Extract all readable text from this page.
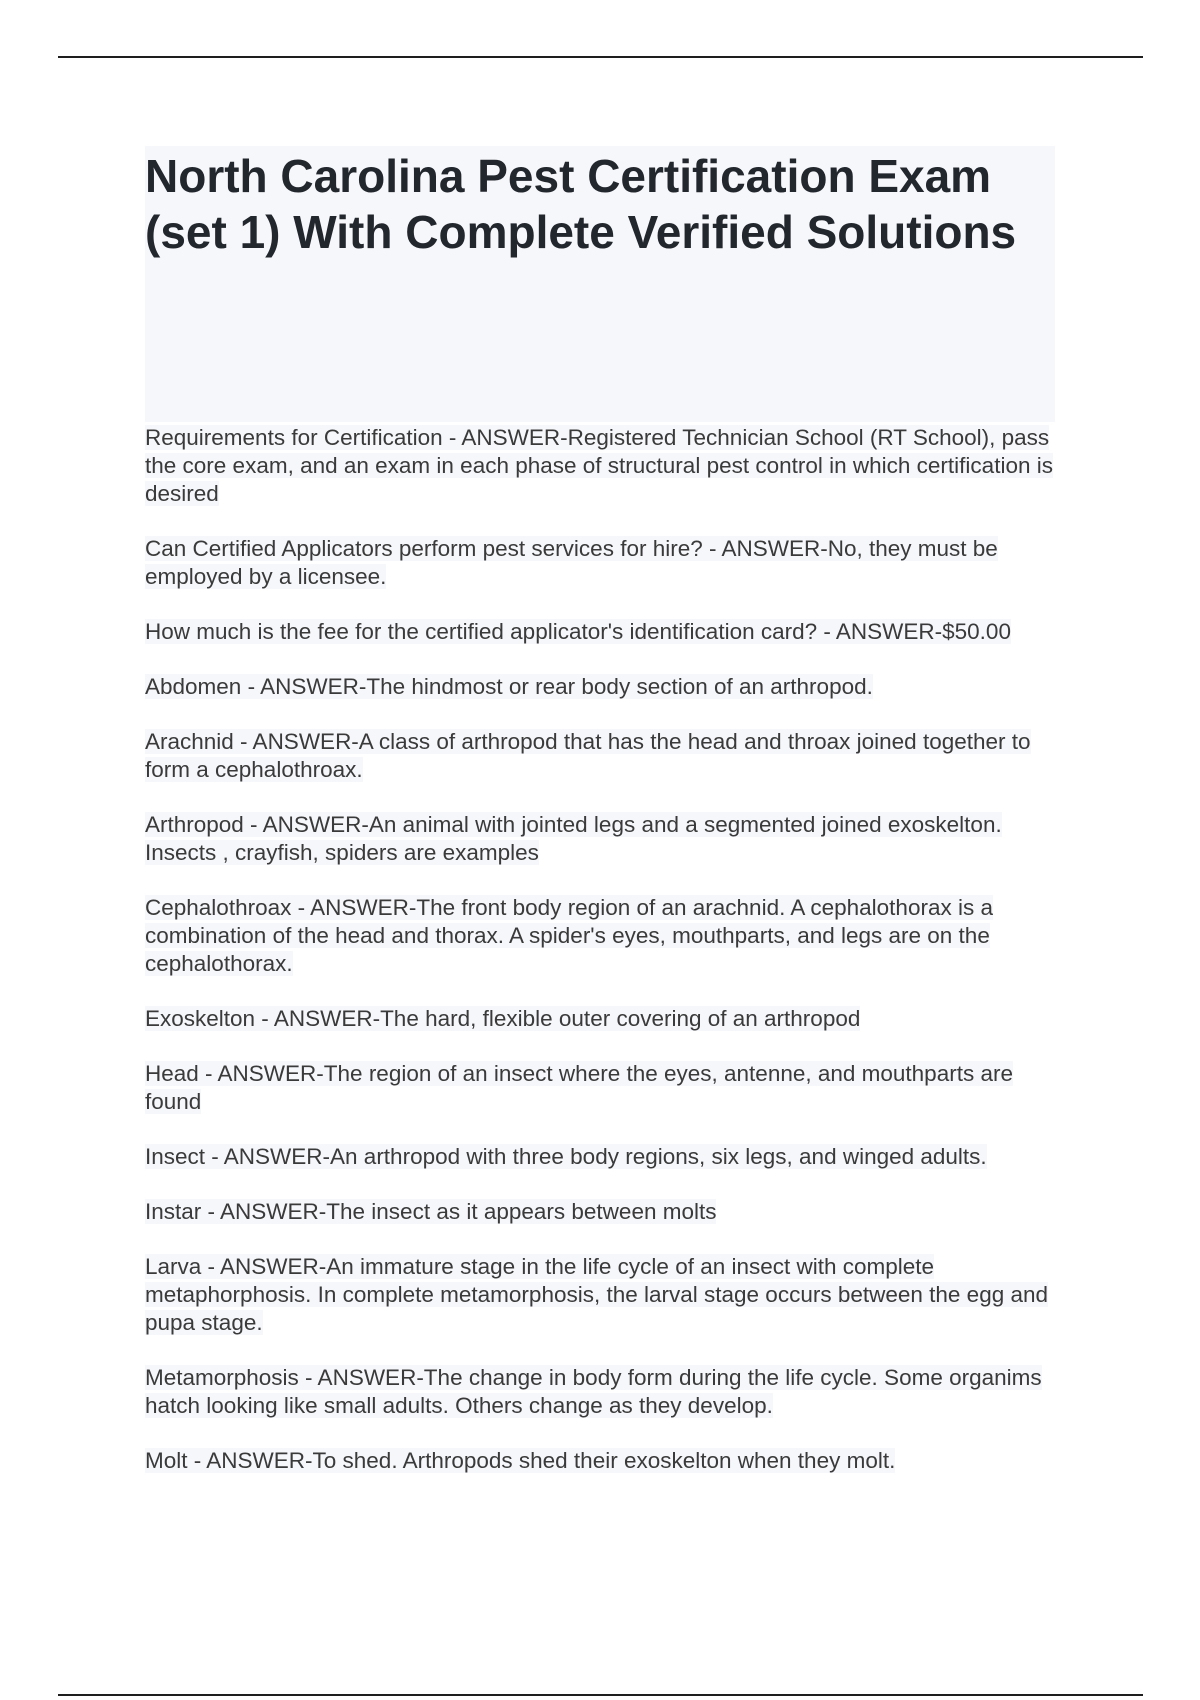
North Carolina Pest Certification Exam (set 1) With Complete Verified Solutions
Requirements for Certification - ANSWER-Registered Technician School (RT School), pass the core exam, and an exam in each phase of structural pest control in which certification is desired
Can Certified Applicators perform pest services for hire? - ANSWER-No, they must be employed by a licensee.
How much is the fee for the certified applicator's identification card? - ANSWER-$50.00
Abdomen - ANSWER-The hindmost or rear body section of an arthropod.
Arachnid - ANSWER-A class of arthropod that has the head and throax joined together to form a cephalothroax.
Arthropod - ANSWER-An animal with jointed legs and a segmented joined exoskelton. Insects , crayfish, spiders are examples
Cephalothroax - ANSWER-The front body region of an arachnid. A cephalothorax is a combination of the head and thorax. A spider's eyes, mouthparts, and legs are on the cephalothorax.
Exoskelton - ANSWER-The hard, flexible outer covering of an arthropod
Head - ANSWER-The region of an insect where the eyes, antenne, and mouthparts are found
Insect - ANSWER-An arthropod with three body regions, six legs, and winged adults.
Instar - ANSWER-The insect as it appears between molts
Larva - ANSWER-An immature stage in the life cycle of an insect with complete metaphorphosis. In complete metamorphosis, the larval stage occurs between the egg and pupa stage.
Metamorphosis - ANSWER-The change in body form during the life cycle. Some organims hatch looking like small adults. Others change as they develop.
Molt - ANSWER-To shed. Arthropods shed their exoskelton when they molt.
